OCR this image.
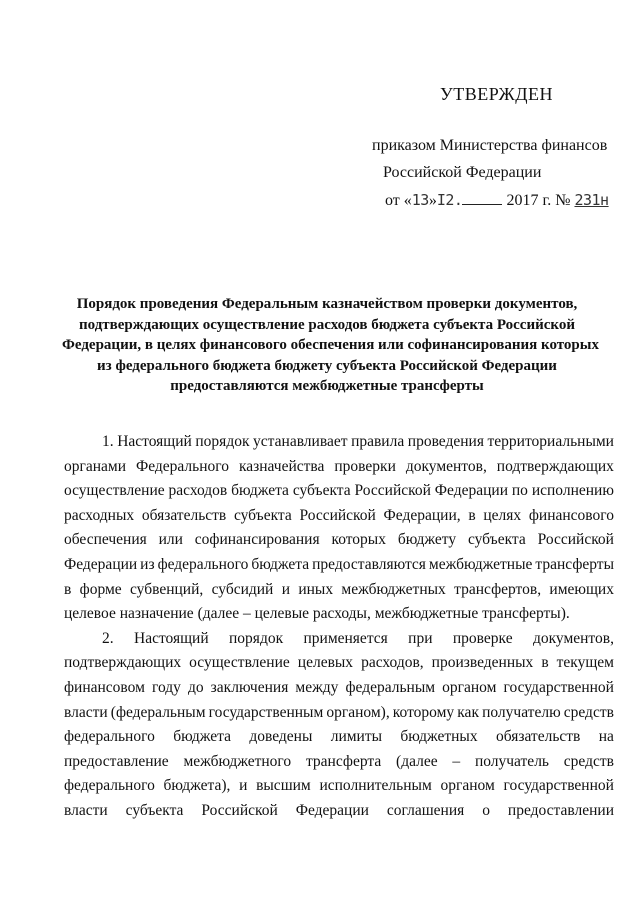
УТВЕРЖДЕН
приказом Министерства финансов
Российской Федерации
от «13»I2.	2017 г. № 231н
Порядок проведения Федеральным казначейством проверки документов,
подтверждающих осуществление расходов бюджета субъекта Российской
Федерации, в целях финансового обеспечения или софинансирования которых
из федерального бюджета бюджету субъекта Российской Федерации
предоставляются межбюджетные трансферты
1. Настоящий порядок устанавливает правила проведения территориальными
органами Федерального казначейства проверки документов, подтверждающих
осуществление расходов бюджета субъекта Российской Федерации по исполнению
расходных обязательств субъекта Российской Федерации, в целях финансового
обеспечения или софинансирования которых бюджету субъекта Российской
Федерации из федерального бюджета предоставляются межбюджетные трансферты
в форме субвенций, субсидий и иных межбюджетных трансфертов, имеющих
целевое назначение (далее – целевые расходы, межбюджетные трансферты).
2. Настоящий порядок применяется при проверке документов,
подтверждающих осуществление целевых расходов, произведенных в текущем
финансовом году до заключения между федеральным органом государственной
власти (федеральным государственным органом), которому как получателю средств
федерального бюджета доведены лимиты бюджетных обязательств на
предоставление межбюджетного трансферта (далее – получатель средств
федерального бюджета), и высшим исполнительным органом государственной
власти субъекта Российской Федерации соглашения о предоставлении
